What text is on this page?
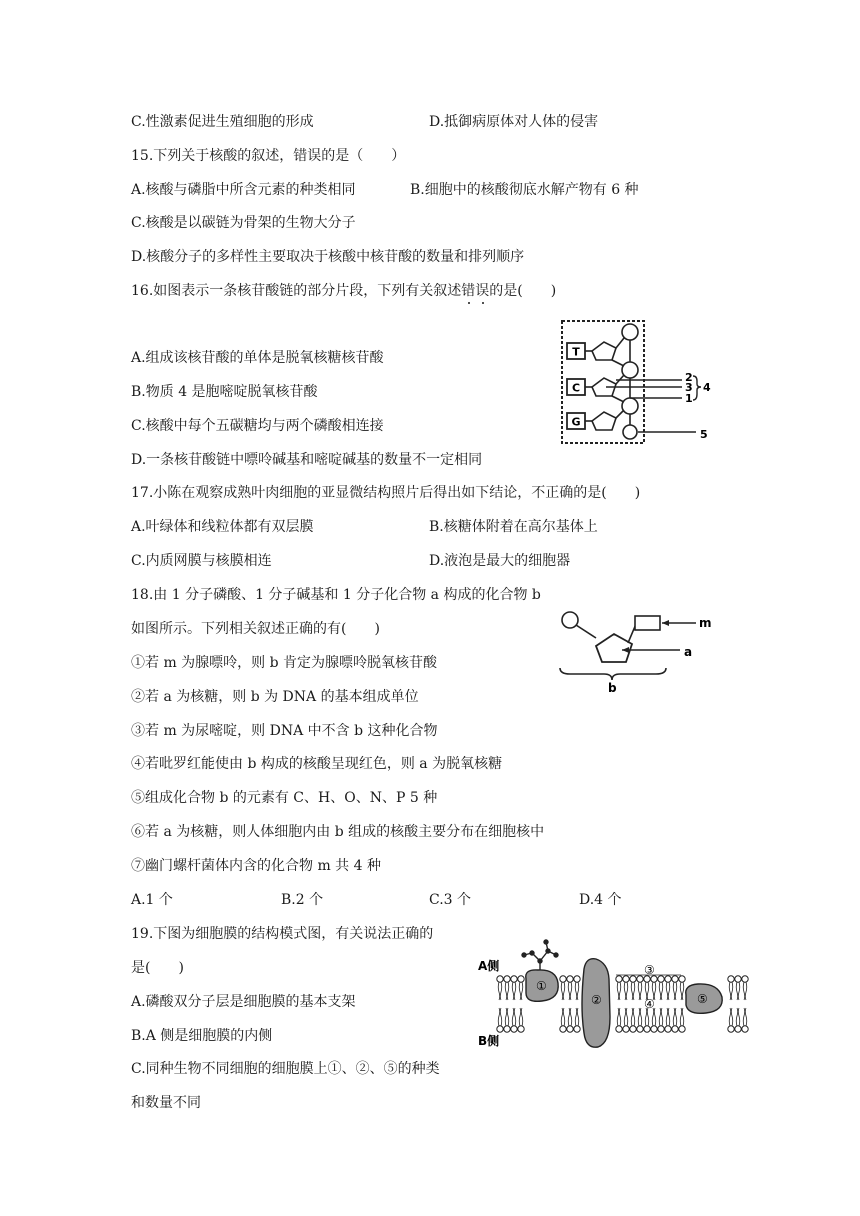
C.性激素促进生殖细胞的形成	D.抵御病原体对人体的侵害
15.下列关于核酸的叙述，错误的是（　　）
A.核酸与磷脂中所含元素的种类相同	B.细胞中的核酸彻底水解产物有 6 种
C.核酸是以碳链为骨架的生物大分子
D.核酸分子的多样性主要取决于核酸中核苷酸的数量和排列顺序
16.如图表示一条核苷酸链的部分片段，下列有关叙述错误的是(　　)
A.组成该核苷酸的单体是脱氧核糖核苷酸
B.物质 4 是胞嘧啶脱氧核苷酸
C.核酸中每个五碳糖均与两个磷酸相连接
D.一条核苷酸链中嘌呤碱基和嘧啶碱基的数量不一定相同
T
C
G
2
3
1
4
5
17.小陈在观察成熟叶肉细胞的亚显微结构照片后得出如下结论，不正确的是(　　)
A.叶绿体和线粒体都有双层膜	B.核糖体附着在高尔基体上
C.内质网膜与核膜相连	D.液泡是最大的细胞器
18.由 1 分子磷酸、1 分子碱基和 1 分子化合物 a 构成的化合物 b
如图所示。下列相关叙述正确的有(　　)
①若 m 为腺嘌呤，则 b 肯定为腺嘌呤脱氧核苷酸
②若 a 为核糖，则 b 为 DNA 的基本组成单位
③若 m 为尿嘧啶，则 DNA 中不含 b 这种化合物
④若吡罗红能使由 b 构成的核酸呈现红色，则 a 为脱氧核糖
⑤组成化合物 b 的元素有 C、H、O、N、P 5 种
⑥若 a 为核糖，则人体细胞内由 b 组成的核酸主要分布在细胞核中
⑦幽门螺杆菌体内含的化合物 m 共 4 种
A.1 个	B.2 个	C.3 个	D.4 个
m
a
b
19.下图为细胞膜的结构模式图，有关说法正确的
是(　　)
A.磷酸双分子层是细胞膜的基本支架
B.A 侧是细胞膜的内侧
C.同种生物不同细胞的细胞膜上①、②、⑤的种类
和数量不同
A侧
B侧
①
②	⑤
③
④
